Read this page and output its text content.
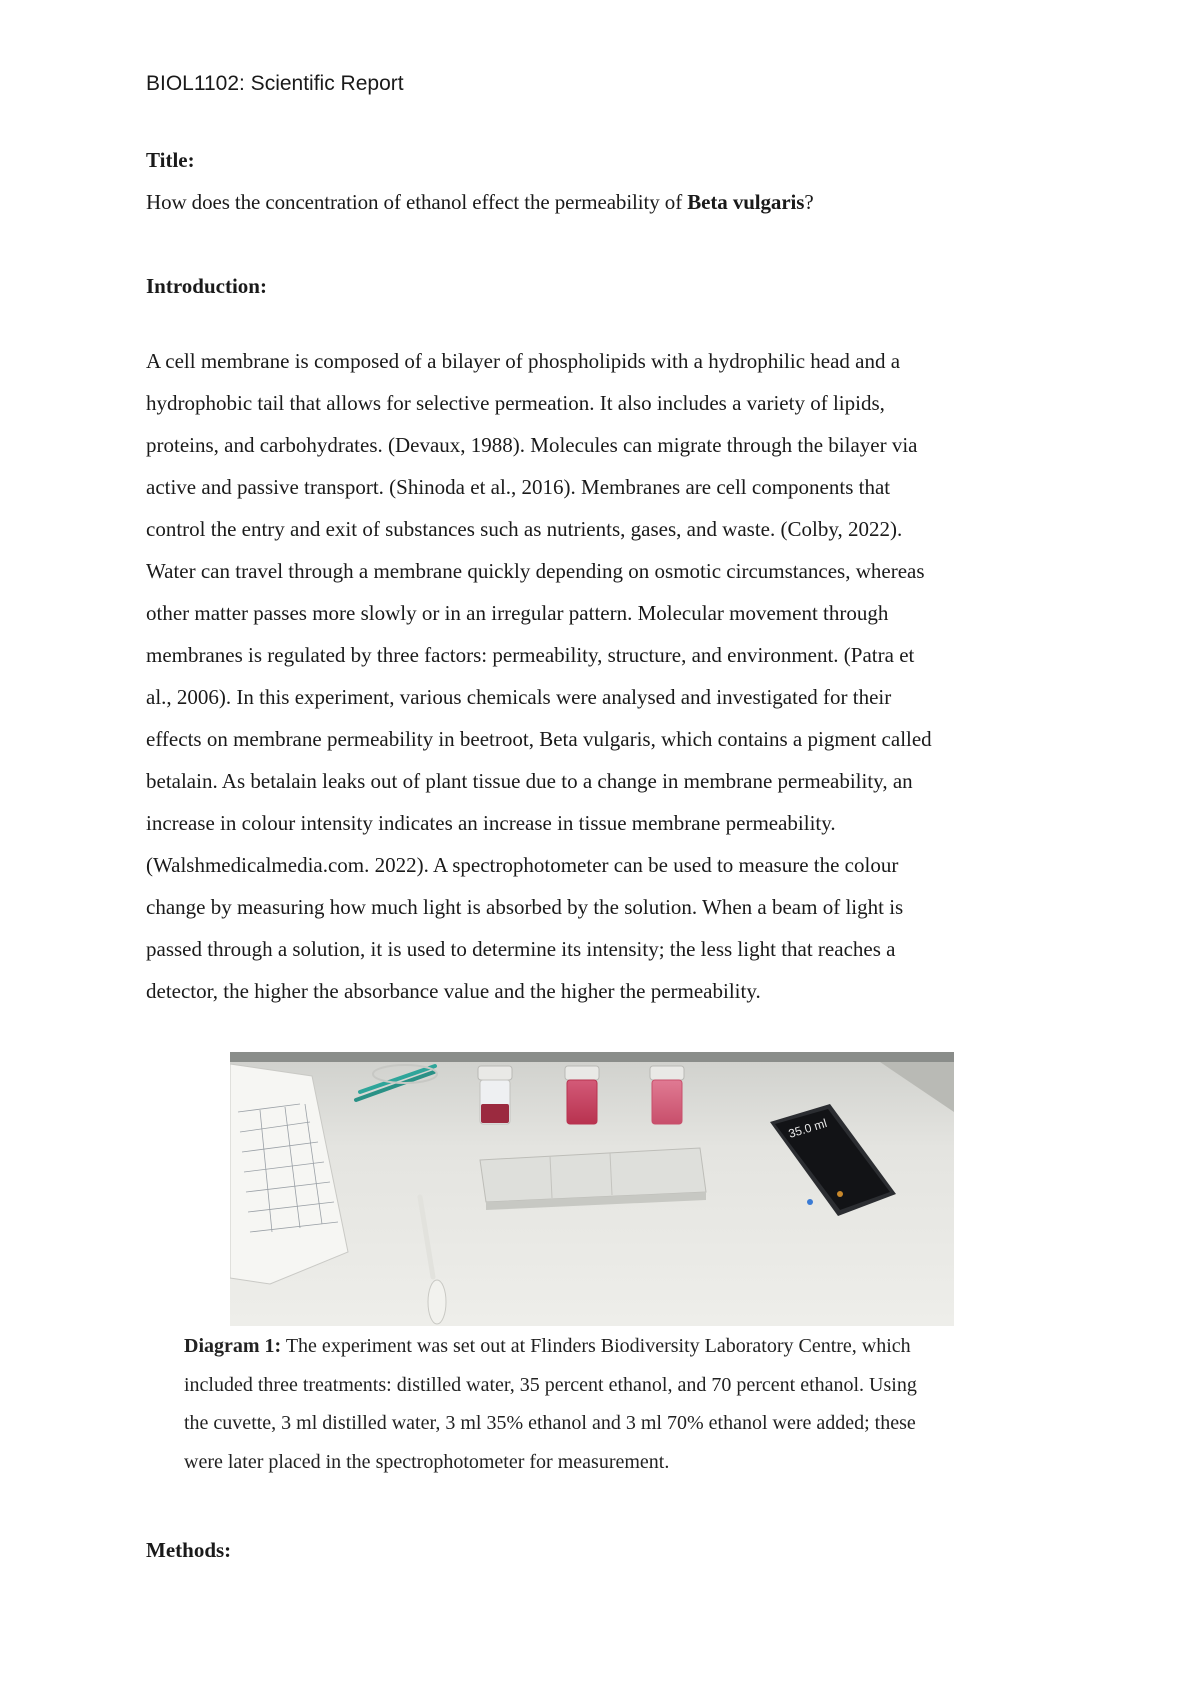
BIOL1102: Scientific Report
Title:
How does the concentration of ethanol effect the permeability of Beta vulgaris?
Introduction:

A cell membrane is composed of a bilayer of phospholipids with a hydrophilic head and a
hydrophobic tail that allows for selective permeation. It also includes a variety of lipids,
proteins, and carbohydrates. (Devaux, 1988). Molecules can migrate through the bilayer via
active and passive transport. (Shinoda et al., 2016). Membranes are cell components that
control the entry and exit of substances such as nutrients, gases, and waste. (Colby, 2022).
Water can travel through a membrane quickly depending on osmotic circumstances, whereas
other matter passes more slowly or in an irregular pattern. Molecular movement through
membranes is regulated by three factors: permeability, structure, and environment. (Patra et
al., 2006). In this experiment, various chemicals were analysed and investigated for their
effects on membrane permeability in beetroot, Beta vulgaris, which contains a pigment called
betalain. As betalain leaks out of plant tissue due to a change in membrane permeability, an
increase in colour intensity indicates an increase in tissue membrane permeability.
(Walshmedicalmedia.com. 2022). A spectrophotometer can be used to measure the colour
change by measuring how much light is absorbed by the solution. When a beam of light is
passed through a solution, it is used to determine its intensity; the less light that reaches a
detector, the higher the absorbance value and the higher the permeability.

35.0 ml
Diagram 1: The experiment was set out at Flinders Biodiversity Laboratory Centre, which
included three treatments: distilled water, 35 percent ethanol, and 70 percent ethanol. Using
the cuvette, 3 ml distilled water, 3 ml 35% ethanol and 3 ml 70% ethanol were added; these
were later placed in the spectrophotometer for measurement.
Methods:
